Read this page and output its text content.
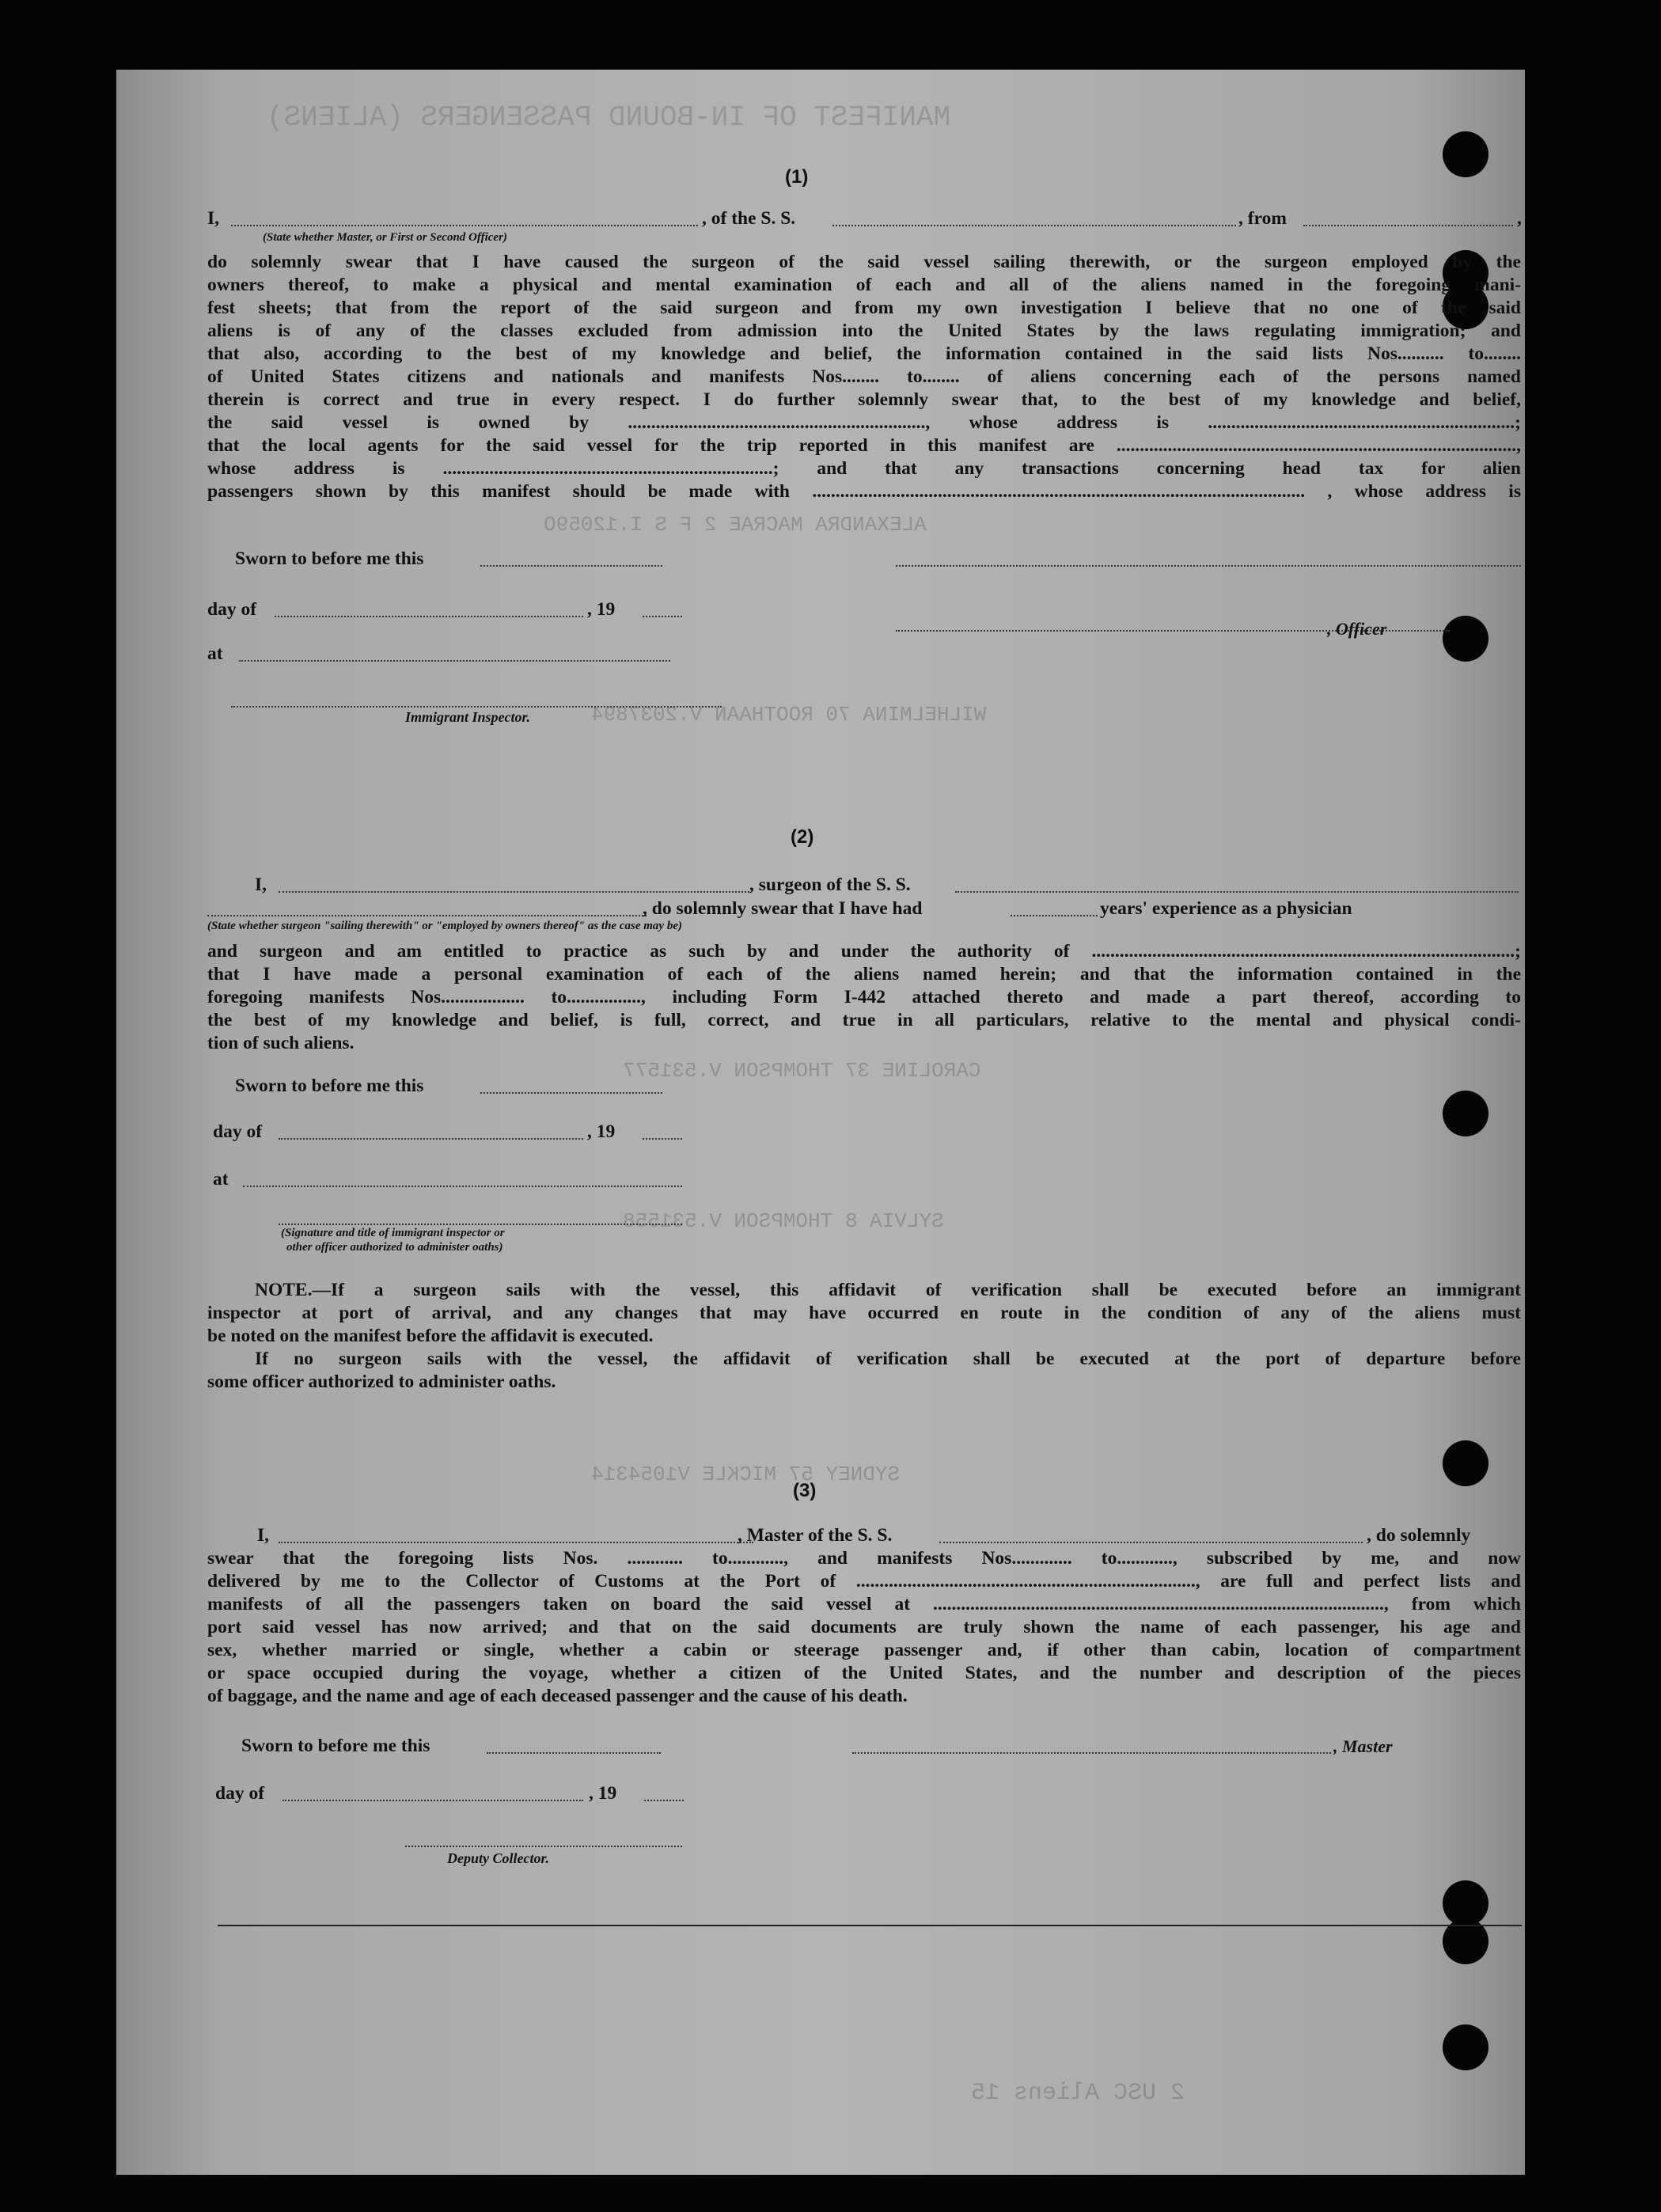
MANIFEST OF IN-BOUND PASSENGERS (ALIENS)
ALEXANDRA MACRAE 2 F S I.12059O
WILHELMINA 70 ROOTHAAN V.2037894
CAROLINE 37 THOMPSON V.531577
SYLVIA 8 THOMPSON V.531558
SYDNEY 57 MICKLE V1054314
2 USC Aliens 15
(1)
I,	, of the S. S.	, from	,
(State whether Master, or First or Second Officer)
do solemnly swear that I have caused the surgeon of the said vessel sailing therewith, or the surgeon employed by the
owners thereof, to make a physical and mental examination of each and all of the aliens named in the foregoing mani-
fest sheets; that from the report of the said surgeon and from my own investigation I believe that no one of the said
aliens is of any of the classes excluded from admission into the United States by the laws regulating immigration; and
that also, according to the best of my knowledge and belief, the information contained in the said lists Nos.......... to........
of United States citizens and nationals and manifests Nos........ to........ of aliens concerning each of the persons named
therein is correct and true in every respect. I do further solemnly swear that, to the best of my knowledge and belief,
the said vessel is owned by ................................................................, whose address is ..................................................................;
that the local agents for the said vessel for the trip reported in this manifest are ......................................................................................,
whose address is .......................................................................; and that any transactions concerning head tax for alien
passengers shown by this manifest should be made with .......................................................................................................... , whose address is
Sworn to before me this
day of	, 19
, Officer
at
Immigrant Inspector.
(2)
I,	, surgeon of the S. S.
, do solemnly swear that I have had	years' experience as a physician
(State whether surgeon "sailing therewith" or "employed by owners thereof" as the case may be)
and surgeon and am entitled to practice as such by and under the authority of ...........................................................................................;
that I have made a personal examination of each of the aliens named herein; and that the information contained in the
foregoing manifests Nos.................. to................, including Form I-442 attached thereto and made a part thereof, according to
the best of my knowledge and belief, is full, correct, and true in all particulars, relative to the mental and physical condi-
tion of such aliens.
Sworn to before me this
day of	, 19
at
(Signature and title of immigrant inspector or
other officer authorized to administer oaths)
NOTE.—If a surgeon sails with the vessel, this affidavit of verification shall be executed before an immigrant
inspector at port of arrival, and any changes that may have occurred en route in the condition of any of the aliens must
be noted on the manifest before the affidavit is executed.
If no surgeon sails with the vessel, the affidavit of verification shall be executed at the port of departure before
some officer authorized to administer oaths.
(3)
I,	, Master of the S. S.	, do solemnly
swear that the foregoing lists Nos. ............ to............, and manifests Nos............. to............, subscribed by me, and now
delivered by me to the Collector of Customs at the Port of ........................................................................., are full and perfect lists and
manifests of all the passengers taken on board the said vessel at ................................................................................................., from which
port said vessel has now arrived; and that on the said documents are truly shown the name of each passenger, his age and
sex, whether married or single, whether a cabin or steerage passenger and, if other than cabin, location of compartment
or space occupied during the voyage, whether a citizen of the United States, and the number and description of the pieces
of baggage, and the name and age of each deceased passenger and the cause of his death.
Sworn to before me this	, Master
day of	, 19
Deputy Collector.
